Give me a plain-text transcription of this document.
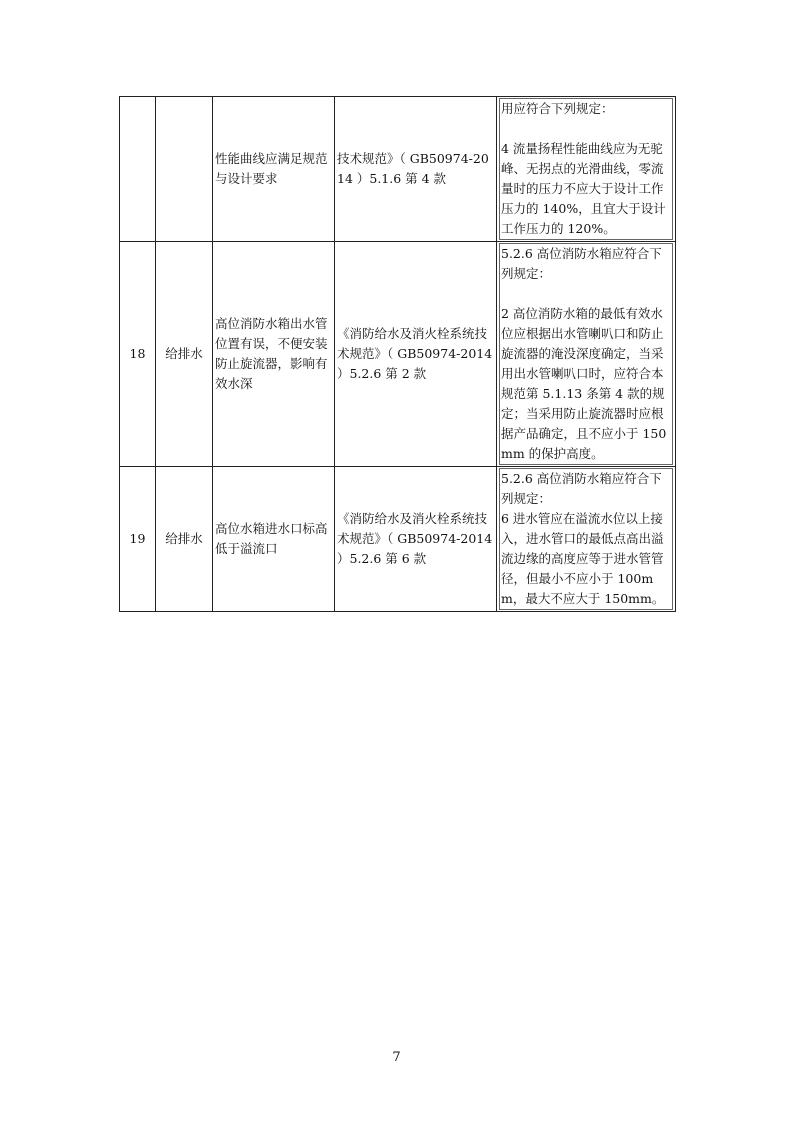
		性能曲线应满足规范与设计要求	技术规范》（ GB50974-2014 ）5.1.6 第 4 款	用应符合下列规定：
4 流量扬程性能曲线应为无驼峰、无拐点的光滑曲线，零流量时的压力不应大于设计工作压力的 140%，且宜大于设计工作压力的 120%。

18	给排水	高位消防水箱出水管位置有误，不便安装防止旋流器，影响有效水深	《消防给水及消火栓系统技术规范》（ GB50974-2014 ）5.2.6 第 2 款	5.2.6 高位消防水箱应符合下列规定：
2 高位消防水箱的最低有效水位应根据出水管喇叭口和防止旋流器的淹没深度确定，当采用出水管喇叭口时，应符合本规范第 5.1.13 条第 4 款的规定；当采用防止旋流器时应根据产品确定，且不应小于 150mm 的保护高度。

19	给排水	高位水箱进水口标高低于溢流口	《消防给水及消火栓系统技术规范》（ GB50974-2014 ）5.2.6 第 6 款	5.2.6 高位消防水箱应符合下列规定：
6 进水管应在溢流水位以上接入，进水管口的最低点高出溢流边缘的高度应等于进水管管径，但最小不应小于 100mm，最大不应大于 150mm。
7
